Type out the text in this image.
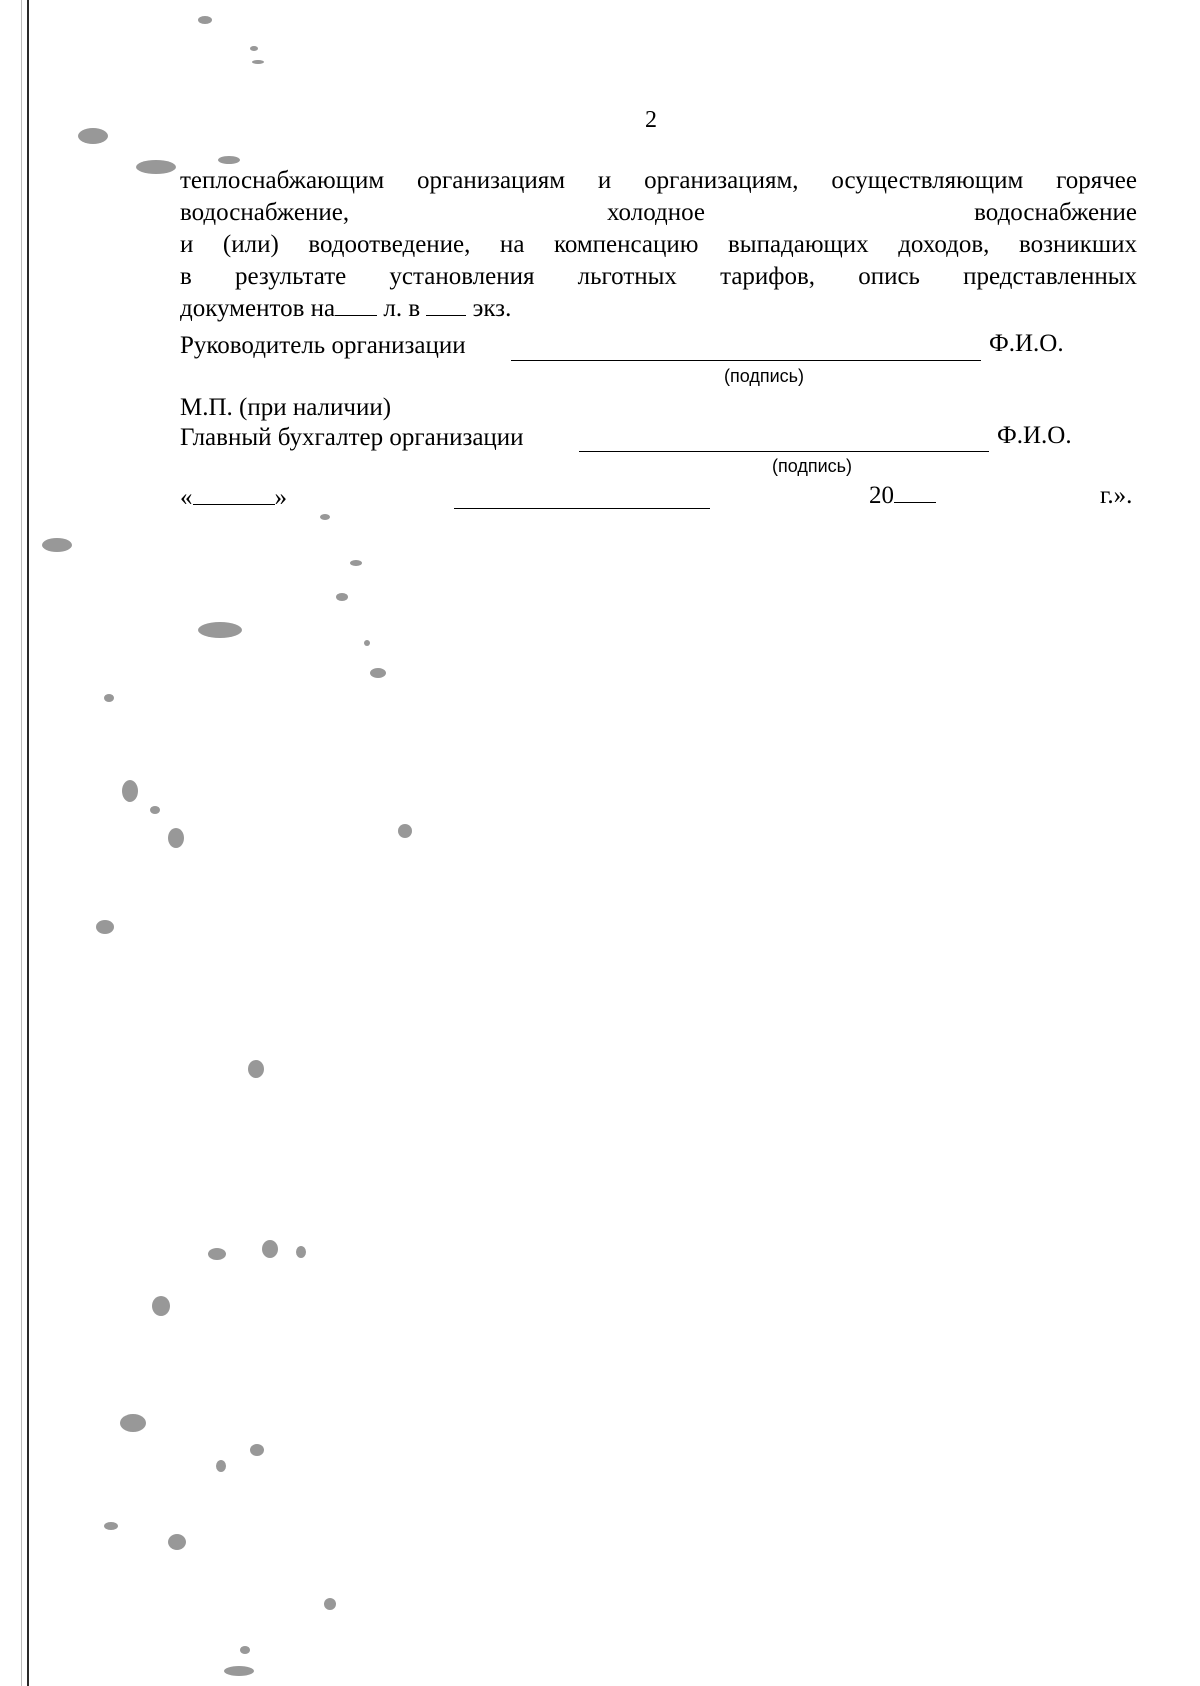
2
теплоснабжающим организациям и организациям, осуществляющим горячее
водоснабжение,	холодное	водоснабжение
и (или) водоотведение, на компенсацию выпадающих доходов, возникших
в результате установления льготных тарифов, опись представленных
документов на л. в  экз.
Руководитель организации	Ф.И.О.
(подпись)
М.П. (при наличии)
Главный бухгалтер организации	Ф.И.О.
(подпись)
«	»	20	г.».
